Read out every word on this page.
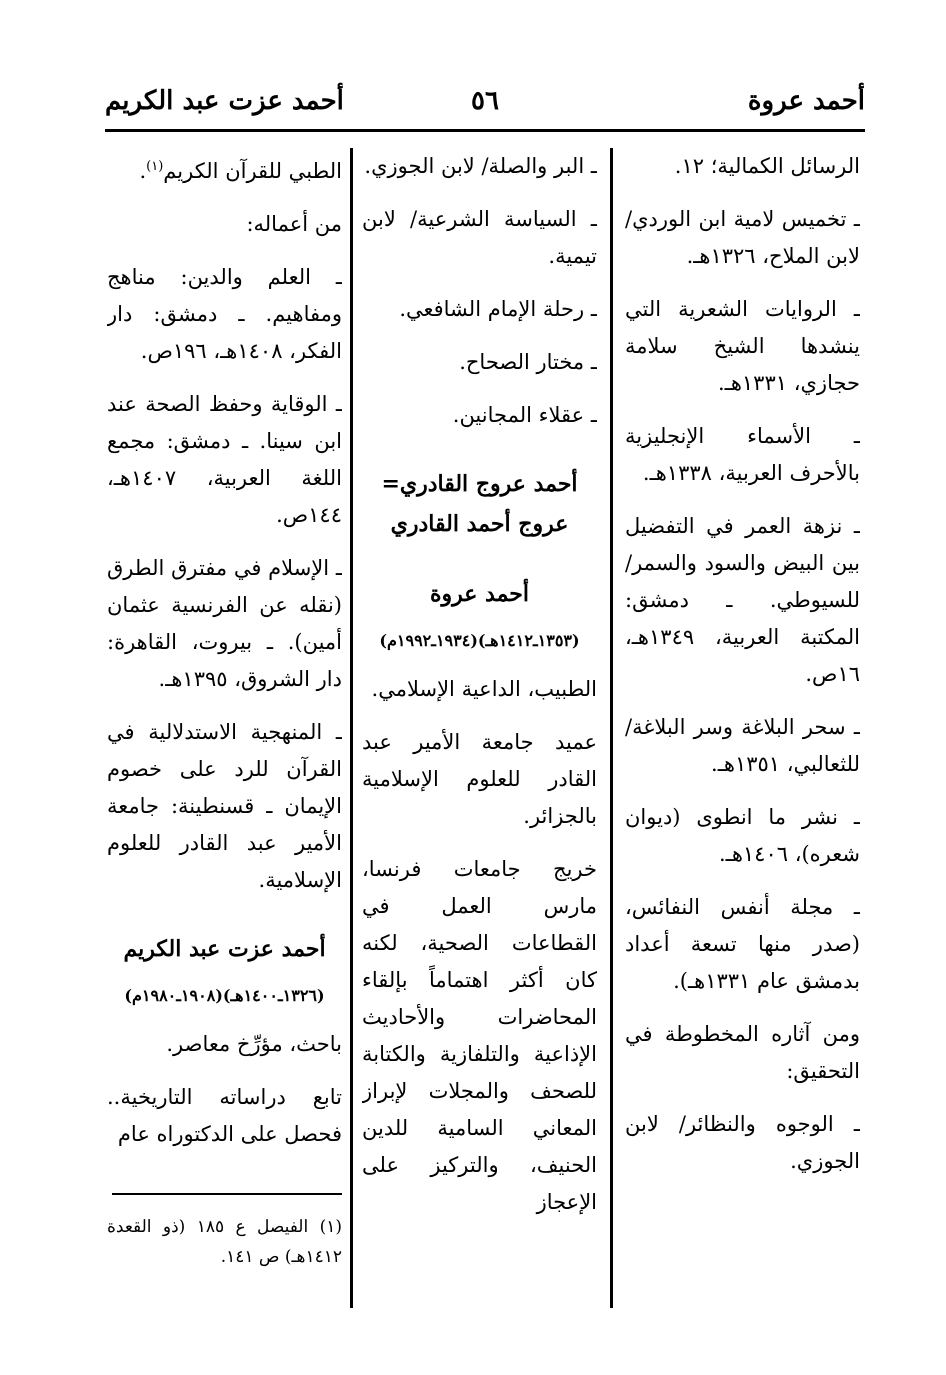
أحمد عروة
٥٦
أحمد عزت عبد الكريم

الرسائل الكمالية؛ ١٢.

ـ تخميس لامية ابن الوردي/ لابن الملاح، ١٣٢٦هـ.

ـ الروايات الشعرية التي ينشدها الشيخ سلامة حجازي، ١٣٣١هـ.

ـ الأسماء الإنجليزية بالأحرف العربية، ١٣٣٨هـ.

ـ نزهة العمر في التفضيل بين البيض والسود والسمر/ للسيوطي. ـ دمشق: المكتبة العربية، ١٣٤٩هـ، ١٦ص.

ـ سحر البلاغة وسر البلاغة/ للثعالبي، ١٣٥١هـ.

ـ نشر ما انطوى (ديوان شعره)، ١٤٠٦هـ.

ـ مجلة أنفس النفائس، (صدر منها تسعة أعداد بدمشق عام ١٣٣١هـ).

ومن آثاره المخطوطة في التحقيق:

ـ الوجوه والنظائر/ لابن الجوزي.

ـ البر والصلة/ لابن الجوزي.

ـ السياسة الشرعية/ لابن تيمية.

ـ رحلة الإمام الشافعي.

ـ مختار الصحاح.

ـ عقلاء المجانين.

أحمد عروج القادري= عروج أحمد القادري
أحمد عروة
(١٣٥٣ـ١٤١٢هـ)(١٩٣٤ـ١٩٩٢م)

الطبيب، الداعية الإسلامي.

عميد جامعة الأمير عبد القادر للعلوم الإسلامية بالجزائر.

خريج جامعات فرنسا، مارس العمل في القطاعات الصحية، لكنه كان أكثر اهتماماً بإلقاء المحاضرات والأحاديث الإذاعية والتلفازية والكتابة للصحف والمجلات لإبراز المعاني السامية للدين الحنيف، والتركيز على الإعجاز

الطبي للقرآن الكريم$^{(١)}$.

من أعماله:

ـ العلم والدين: مناهج ومفاهيم. ـ دمشق: دار الفكر، ١٤٠٨هـ، ١٩٦ص.

ـ الوقاية وحفظ الصحة عند ابن سينا. ـ دمشق: مجمع اللغة العربية، ١٤٠٧هـ، ١٤٤ص.

ـ الإسلام في مفترق الطرق (نقله عن الفرنسية عثمان أمين). ـ بيروت، القاهرة: دار الشروق، ١٣٩٥هـ.

ـ المنهجية الاستدلالية في القرآن للرد على خصوم الإيمان ـ قسنطينة: جامعة الأمير عبد القادر للعلوم الإسلامية.

أحمد عزت عبد الكريم
(١٣٢٦ـ١٤٠٠هـ)(١٩٠٨ـ١٩٨٠م)

باحث، مؤرِّخ معاصر.

تابع دراساته التاريخية.. فحصل على الدكتوراه عام

(١) الفيصل ع ١٨٥ (ذو القعدة ١٤١٢هـ) ص ١٤١.
